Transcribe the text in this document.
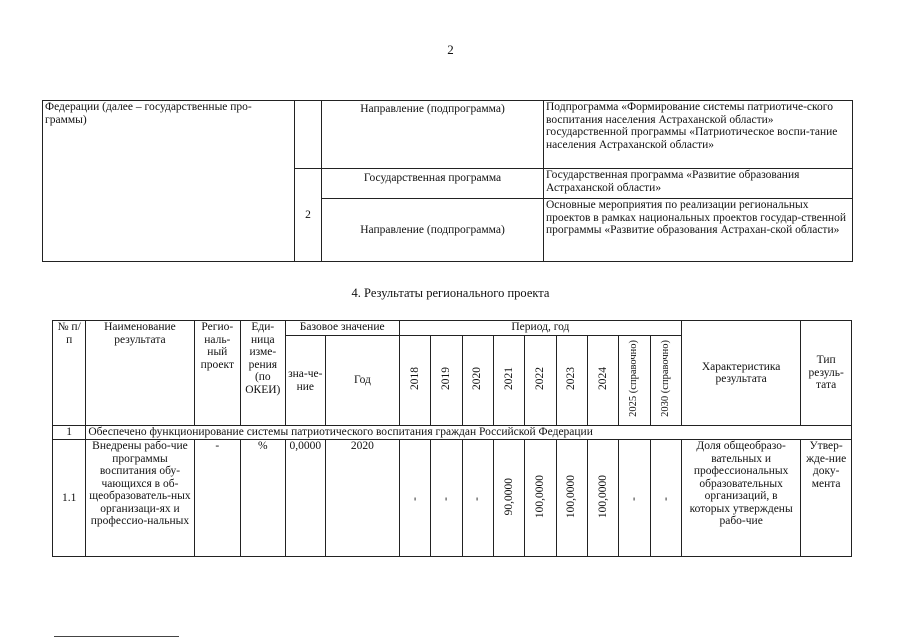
2
Федерации (далее – государственные про-граммы)		Направление (подпрограмма)	Подпрограмма «Формирование системы патриотиче-ского воспитания населения Астраханской области» государственной программы «Патриотическое воспи-тание населения Астраханской области»
	2	Государственная программа	Государственная программа «Развитие образования Астраханской области»
		Направление (подпрограмма)	Основные мероприятия по реализации региональных проектов в рамках национальных проектов государ-ственной программы «Развитие образования Астрахан-ской области»
4. Результаты регионального проекта
№ п/п	Наименование результата	Регио-наль-ный проект	Еди-ница изме-рения (по ОКЕИ)	Базовое значение		Период, год									Характеристика результата	Тип резуль-тата
				зна-че-ние	Год	2018	2019	2020	2021	2022	2023	2024	2025 (справочно)	2030 (справочно)		
1	Обеспечено функционирование системы патриотического воспитания граждан Российской Федерации															
1.1	Внедрены рабо-чие программы воспитания обу-чающихся в об-щеобразователь-ных организаци-ях и профессио-нальных	-	%	0,0000	2020	-	-	-	90,0000	100,0000	100,0000	100,0000	-	-	Доля общеобразо-вательных и профессиональных образовательных организаций, в которых утверждены рабо-чие	Утвер-жде-ние доку-мента
